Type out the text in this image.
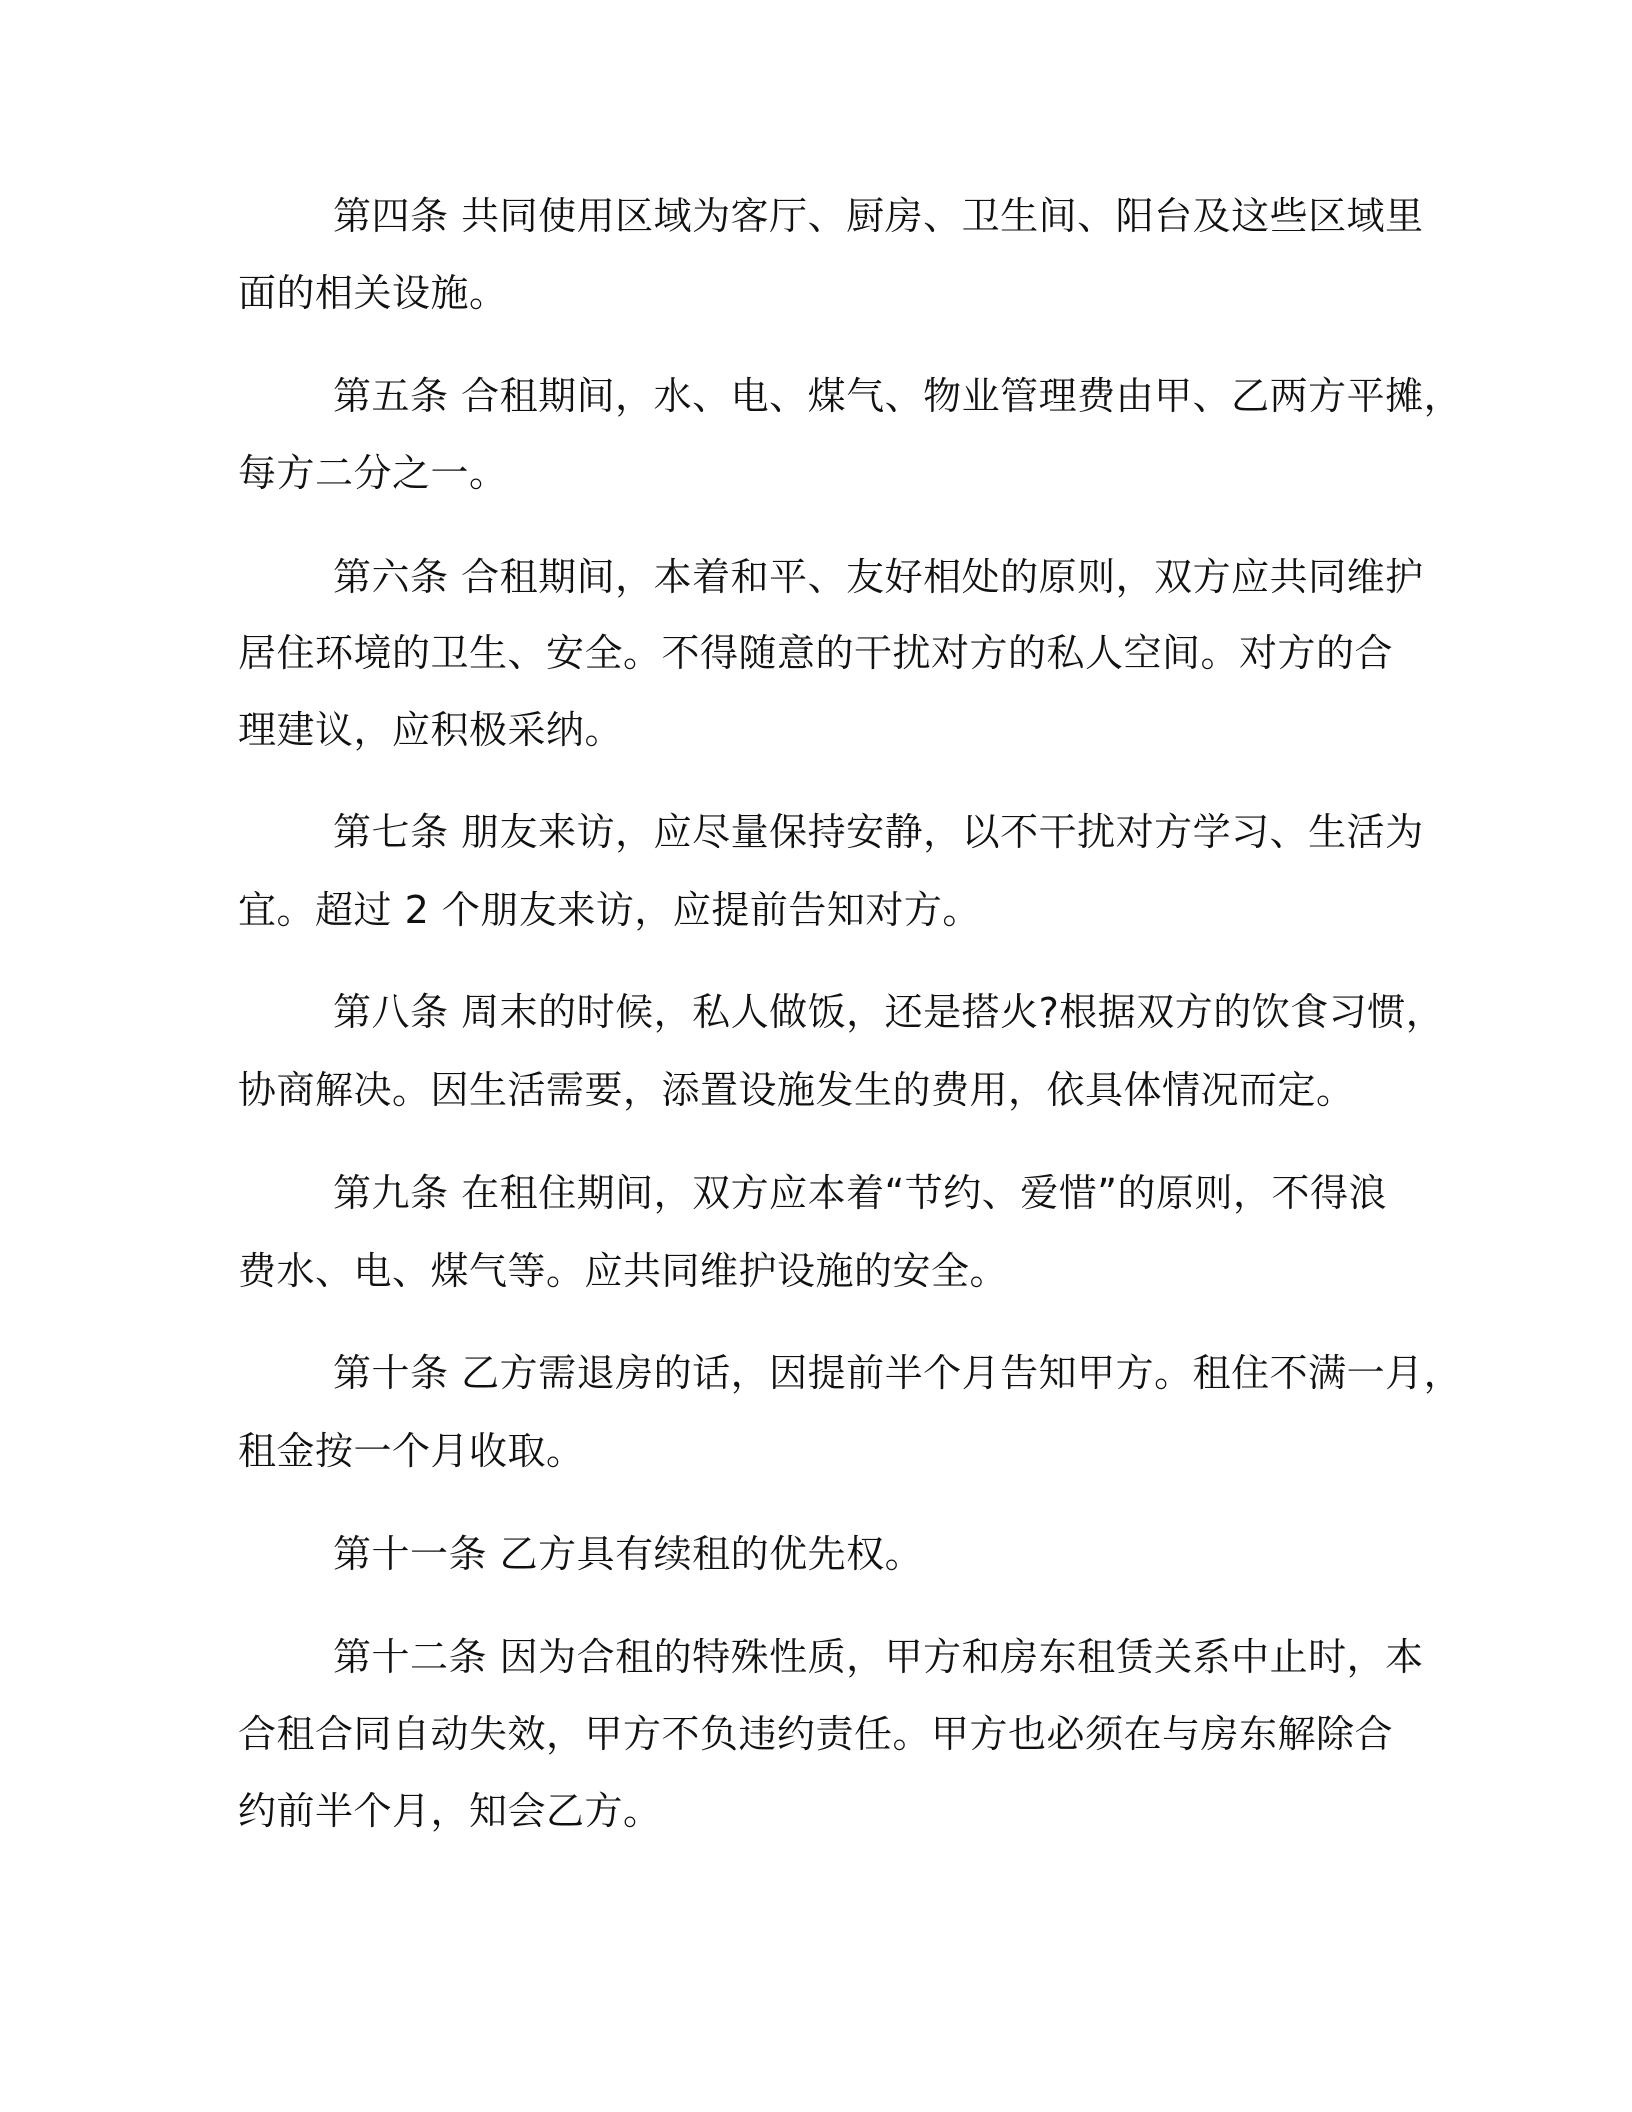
第四条 共同使用区域为客厅、厨房、卫生间、阳台及这些区域里
面的相关设施。
第五条 合租期间，水、电、煤气、物业管理费由甲、乙两方平摊，
每方二分之一。
第六条 合租期间，本着和平、友好相处的原则，双方应共同维护
居住环境的卫生、安全。不得随意的干扰对方的私人空间。对方的合
理建议，应积极采纳。
第七条 朋友来访，应尽量保持安静，以不干扰对方学习、生活为
宜。超过 2 个朋友来访，应提前告知对方。
第八条 周末的时候，私人做饭，还是搭火?根据双方的饮食习惯，
协商解决。因生活需要，添置设施发生的费用，依具体情况而定。
第九条 在租住期间，双方应本着“节约、爱惜”的原则，不得浪
费水、电、煤气等。应共同维护设施的安全。
第十条 乙方需退房的话，因提前半个月告知甲方。租住不满一月，
租金按一个月收取。
第十一条 乙方具有续租的优先权。
第十二条 因为合租的特殊性质，甲方和房东租赁关系中止时，本
合租合同自动失效，甲方不负违约责任。甲方也必须在与房东解除合
约前半个月，知会乙方。
